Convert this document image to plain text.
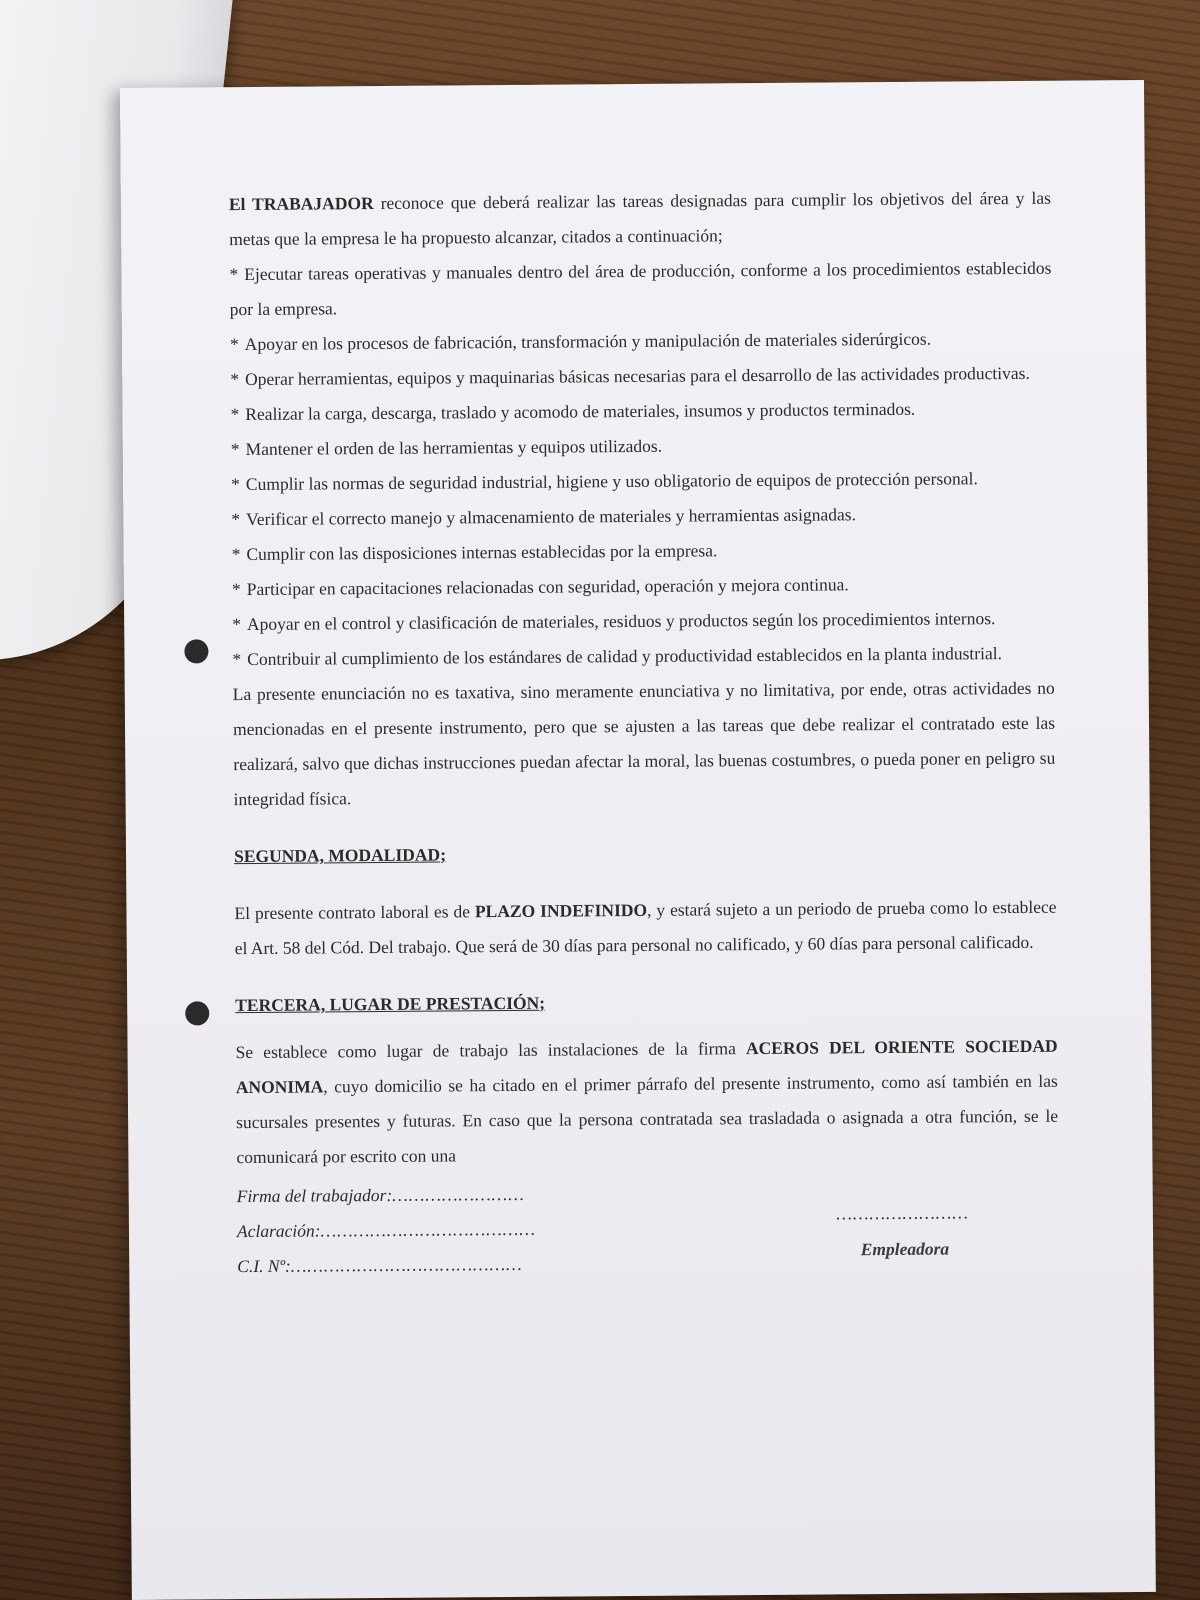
El TRABAJADOR reconoce que deberá realizar las tareas designadas para cumplir los objetivos del área y las metas que la empresa le ha propuesto alcanzar, citados a continuación;

* Ejecutar tareas operativas y manuales dentro del área de producción, conforme a los procedimientos establecidos por la empresa.

* Apoyar en los procesos de fabricación, transformación y manipulación de materiales siderúrgicos.

* Operar herramientas, equipos y maquinarias básicas necesarias para el desarrollo de las actividades productivas.

* Realizar la carga, descarga, traslado y acomodo de materiales, insumos y productos terminados.

* Mantener el orden de las herramientas y equipos utilizados.

* Cumplir las normas de seguridad industrial, higiene y uso obligatorio de equipos de protección personal.

* Verificar el correcto manejo y almacenamiento de materiales y herramientas asignadas.

* Cumplir con las disposiciones internas establecidas por la empresa.

* Participar en capacitaciones relacionadas con seguridad, operación y mejora continua.

* Apoyar en el control y clasificación de materiales, residuos y productos según los procedimientos internos.

* Contribuir al cumplimiento de los estándares de calidad y productividad establecidos en la planta industrial.

La presente enunciación no es taxativa, sino meramente enunciativa y no limitativa, por ende, otras actividades no mencionadas en el presente instrumento, pero que se ajusten a las tareas que debe realizar el contratado este las realizará, salvo que dichas instrucciones puedan afectar la moral, las buenas costumbres, o pueda poner en peligro su integridad física.

SEGUNDA, MODALIDAD;

El presente contrato laboral es de PLAZO INDEFINIDO, y estará sujeto a un periodo de prueba como lo establece el Art. 58 del Cód. Del trabajo. Que será de 30 días para personal no calificado, y 60 días para personal calificado.

TERCERA, LUGAR DE PRESTACIÓN;

Se establece como lugar de trabajo las instalaciones de la firma ACEROS DEL ORIENTE SOCIEDAD ANONIMA, cuyo domicilio se ha citado en el primer párrafo del presente instrumento, como así también en las sucursales presentes y futuras. En caso que la persona contratada sea trasladada o asignada a otra función, se le comunicará por escrito con una

Firma del trabajador:……………………
Aclaración:…………………………………
C.I. Nº:……………………………………
……………………
Empleadora
